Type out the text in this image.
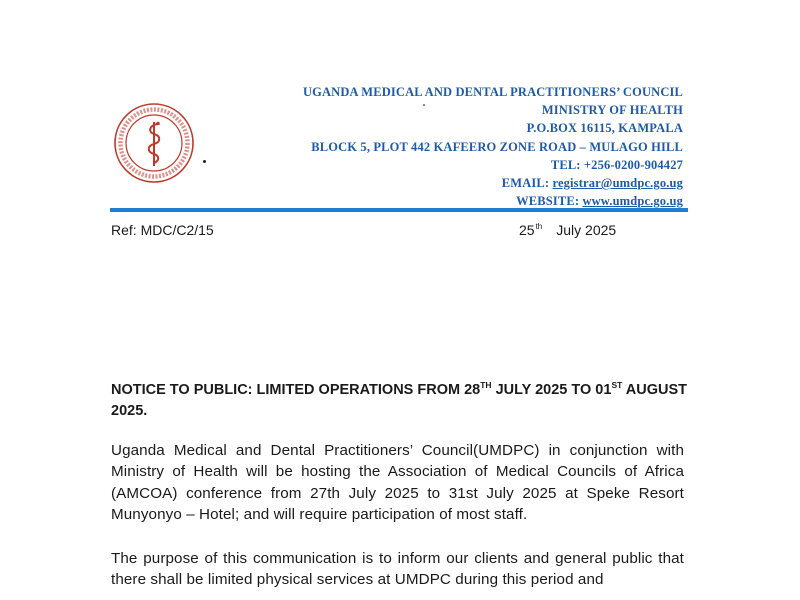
UGANDA MEDICAL AND DENTAL PRACTITIONERS’ COUNCIL
MINISTRY OF HEALTH
P.O.BOX 16115, KAMPALA
BLOCK 5, PLOT 442 KAFEERO ZONE ROAD – MULAGO HILL
TEL: +256-0200-904427
EMAIL: registrar@umdpc.go.ug
WEBSITE: www.umdpc.go.ug
Ref: MDC/C2/15	25th July 2025
NOTICE TO PUBLIC: LIMITED OPERATIONS FROM 28TH JULY 2025 TO 01ST AUGUST 2025.
Uganda Medical and Dental Practitioners’ Council(UMDPC) in conjunction with Ministry of Health will be hosting the Association of Medical Councils of Africa (AMCOA) conference from 27th July 2025 to 31st July 2025 at Speke Resort Munyonyo – Hotel; and will require participation of most staff.
The purpose of this communication is to inform our clients and general public that there shall be limited physical services at UMDPC during this period and
